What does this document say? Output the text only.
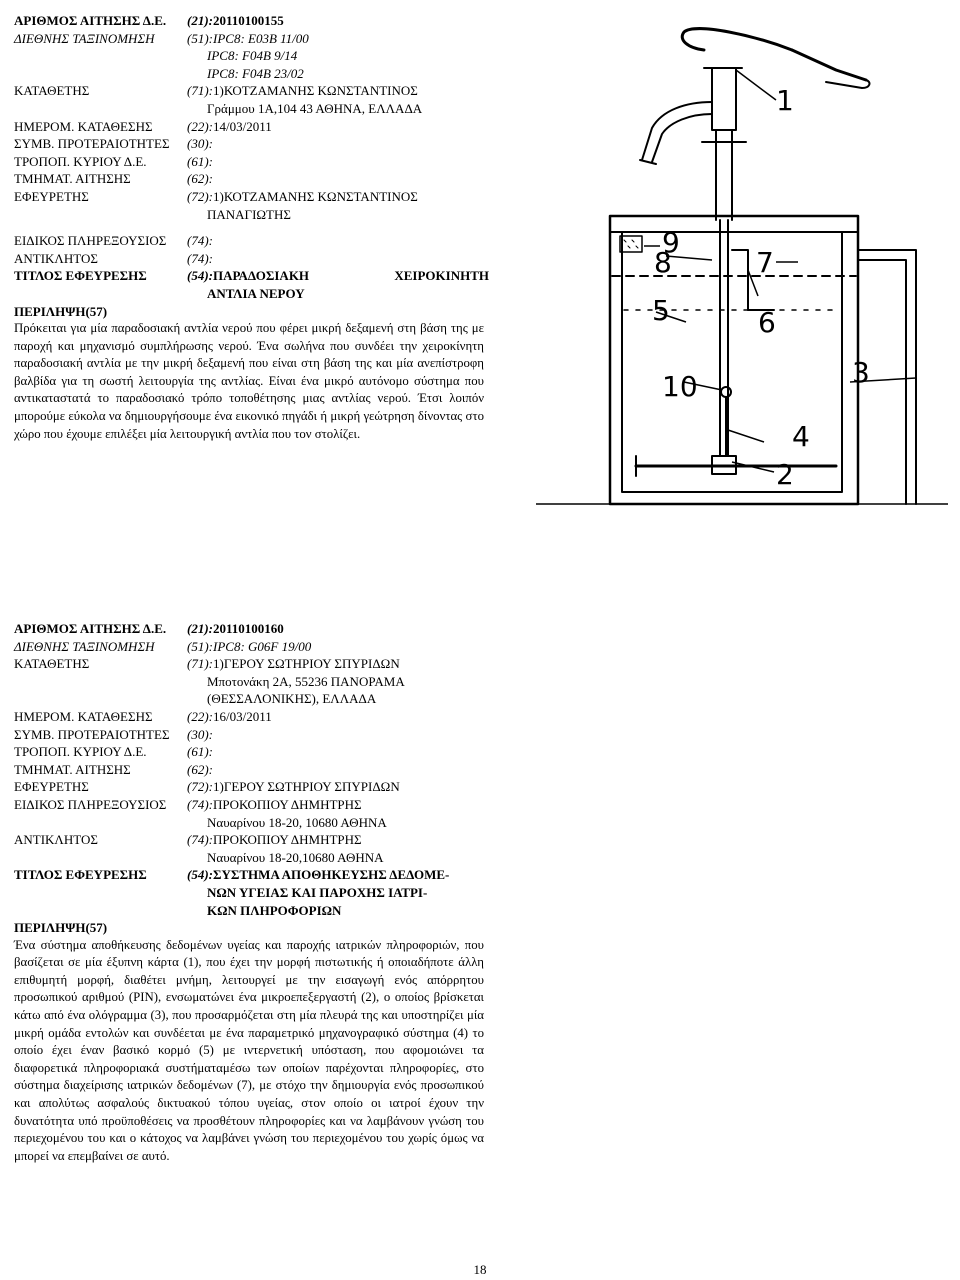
ΑΡΙΘΜΟΣ ΑΙΤΗΣΗΣ Δ.Ε. (21):20110100155
ΔΙΕΘΝΗΣ ΤΑΞΙΝΟΜΗΣΗ (51):IPC8: E03B 11/00
IPC8: F04B 9/14
IPC8: F04B 23/02
ΚΑΤΑΘΕΤΗΣ	(71):1)ΚΟΤΖΑΜΑΝΗΣ ΚΩΝΣΤΑΝΤΙΝΟΣ
Γράμμου 1Α,104 43 ΑΘΗΝΑ, ΕΛΛΑΔΑ
ΗΜΕΡΟΜ. ΚΑΤΑΘΕΣΗΣ	(22):14/03/2011
ΣΥΜΒ. ΠΡΟΤΕΡΑΙΟΤΗΤΕΣ (30):
ΤΡΟΠΟΠ. ΚΥΡΙΟΥ Δ.Ε.	(61):
ΤΜΗΜΑΤ. ΑΙΤΗΣΗΣ	(62):
ΕΦΕΥΡΕΤΗΣ	(72):1)ΚΟΤΖΑΜΑΝΗΣ ΚΩΝΣΤΑΝΤΙΝΟΣ
ΠΑΝΑΓΙΩΤΗΣ
ΕΙΔΙΚΟΣ ΠΛΗΡΕΞΟΥΣΙΟΣ (74):
ΑΝΤΙΚΛΗΤΟΣ	(74):
ΤΙΤΛΟΣ ΕΦΕΥΡΕΣΗΣ	(54):ΠΑΡΑΔΟΣΙΑΚΗ	ΧΕΙΡΟΚΙΝΗΤΗ
ΑΝΤΛΙΑ ΝΕΡΟΥ
ΠΕΡΙΛΗΨΗ(57)
Πρόκειται για μία παραδοσιακή αντλία νερού που φέρει μικρή δεξαμενή στη βάση της με παροχή και μηχανισμό συμπλήρωσης νερού. Ένα σωλήνα που συνδέει την χειροκίνητη παραδοσιακή αντλία με την μικρή δεξαμενή που είναι στη βάση της και μία ανεπίστροφη βαλβίδα για τη σωστή λειτουργία της αντλίας. Είναι ένα μικρό αυτόνομο σύστημα που αντικαταστατά το παραδοσιακό τρόπο τοποθέτησης μιας αντλίας νερού. Έτσι λοιπόν μπορούμε εύκολα να δημιουργήσουμε ένα εικονικό πηγάδι ή μικρή γεώτρηση δίνοντας στο χώρο που έχουμε επιλέξει μία λειτουργική αντλία που τον στολίζει.
1
2
3
4
5	6
7
8
9
10
ΑΡΙΘΜΟΣ ΑΙΤΗΣΗΣ Δ.Ε. (21):20110100160
ΔΙΕΘΝΗΣ ΤΑΞΙΝΟΜΗΣΗ (51):IPC8: G06F 19/00
ΚΑΤΑΘΕΤΗΣ	(71):1)ΓΕΡΟΥ ΣΩΤΗΡΙΟΥ ΣΠΥΡΙΔΩΝ
Μποτονάκη 2Α, 55236 ΠΑΝΟΡΑΜΑ
(ΘΕΣΣΑΛΟΝΙΚΗΣ), ΕΛΛΑΔΑ
ΗΜΕΡΟΜ. ΚΑΤΑΘΕΣΗΣ	(22):16/03/2011
ΣΥΜΒ. ΠΡΟΤΕΡΑΙΟΤΗΤΕΣ (30):
ΤΡΟΠΟΠ. ΚΥΡΙΟΥ Δ.Ε.	(61):
ΤΜΗΜΑΤ. ΑΙΤΗΣΗΣ	(62):
ΕΦΕΥΡΕΤΗΣ	(72):1)ΓΕΡΟΥ ΣΩΤΗΡΙΟΥ ΣΠΥΡΙΔΩΝ
ΕΙΔΙΚΟΣ ΠΛΗΡΕΞΟΥΣΙΟΣ (74):ΠΡΟΚΟΠΙΟΥ ΔΗΜΗΤΡΗΣ
Ναυαρίνου 18-20, 10680 ΑΘΗΝΑ
ΑΝΤΙΚΛΗΤΟΣ	(74):ΠΡΟΚΟΠΙΟΥ ΔΗΜΗΤΡΗΣ
Ναυαρίνου 18-20,10680 ΑΘΗΝΑ
ΤΙΤΛΟΣ ΕΦΕΥΡΕΣΗΣ	(54):ΣΥΣΤΗΜΑ ΑΠΟΘΗΚΕΥΣΗΣ ΔΕΔΟΜΕ-
ΝΩΝ ΥΓΕΙΑΣ ΚΑΙ ΠΑΡΟΧΗΣ ΙΑΤΡΙ-
ΚΩΝ ΠΛΗΡΟΦΟΡΙΩΝ
ΠΕΡΙΛΗΨΗ(57)
Ένα σύστημα αποθήκευσης δεδομένων υγείας και παροχής ιατρικών πληροφοριών, που βασίζεται σε μία έξυπνη κάρτα (1), που έχει την μορφή πιστωτικής ή οποιαδήποτε άλλη επιθυμητή μορφή, διαθέτει μνήμη, λειτουργεί με την εισαγωγή ενός απόρρητου προσωπικού αριθμού (PIN), ενσωματώνει ένα μικροεπεξεργαστή (2), ο οποίος βρίσκεται κάτω από ένα ολόγραμμα (3), που προσαρμόζεται στη μία πλευρά της και υποστηρίζει μία μικρή ομάδα εντολών και συνδέεται με ένα παραμετρικό μηχανογραφικό σύστημα (4) το οποίο έχει έναν βασικό κορμό (5) με ιντερνετική υπόσταση, που αφομοιώνει τα διαφορετικά πληροφοριακά συστήματαμέσω των οποίων παρέχονται πληροφορίες, στο σύστημα διαχείρισης ιατρικών δεδομένων (7), με στόχο την δημιουργία ενός προσωπικού και απολύτως ασφαλούς δικτυακού τόπου υγείας, στον οποίο οι ιατροί έχουν την δυνατότητα υπό προϋποθέσεις να προσθέτουν πληροφορίες και να λαμβάνουν γνώση του περιεχομένου του και ο κάτοχος να λαμβάνει γνώση του περιεχομένου του χωρίς όμως να μπορεί να επεμβαίνει σε αυτό.
18
